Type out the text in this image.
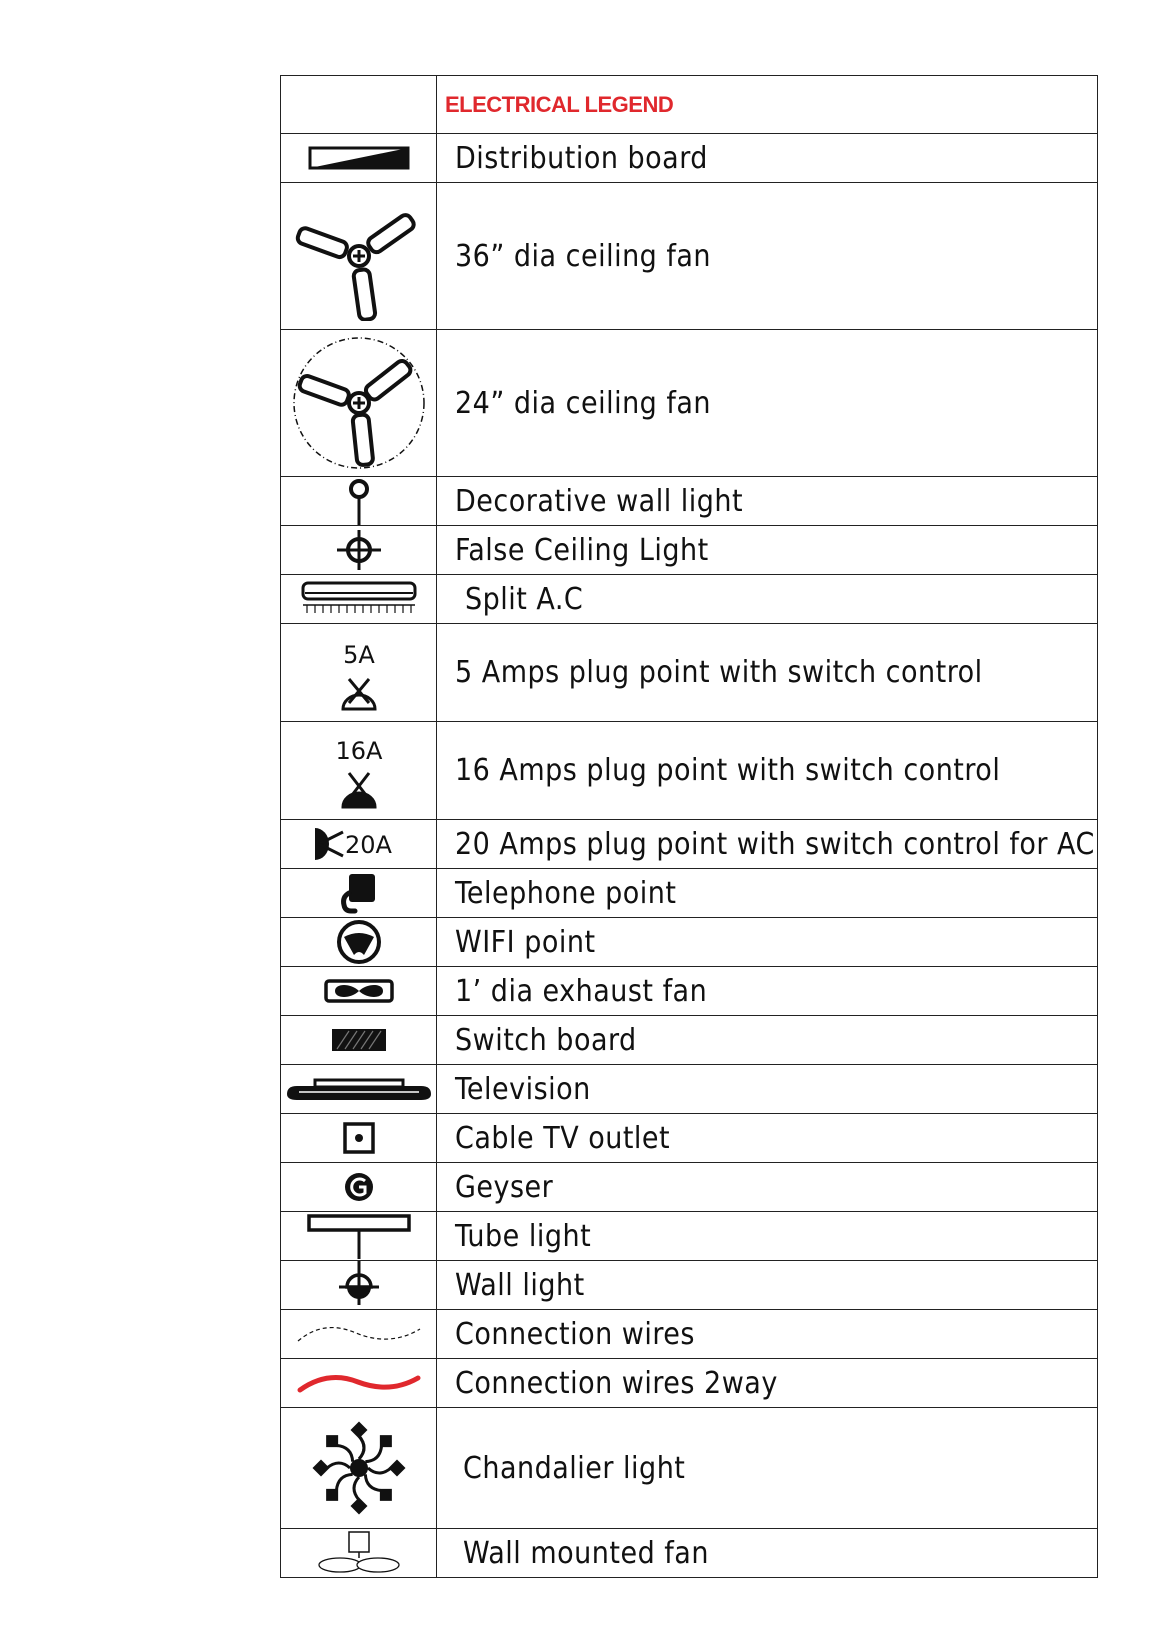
	ELECTRICAL LEGEND

	Distribution board

	36” dia ceiling fan

	24” dia ceiling fan

	Decorative wall light

	False Ceiling Light

	Split A.C

5A	5 Amps plug point with switch control

16A	16 Amps plug point with switch control

20A	20 Amps plug point with switch control for AC

	Telephone point

	WIFI point

	1’ dia exhaust fan

	Switch board

	Television

	Cable TV outlet

	Geyser

	Tube light

	Wall light

	Connection wires

	Connection wires 2way

	Chandalier light

	Wall mounted fan
